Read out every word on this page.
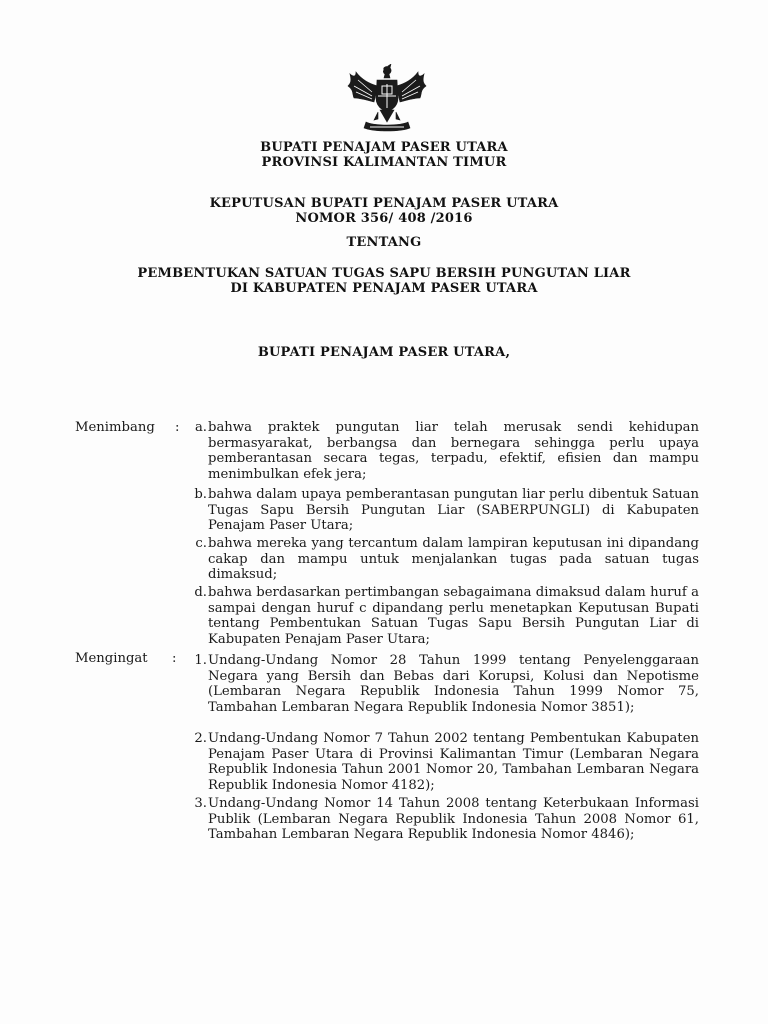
BUPATI PENAJAM PASER UTARA
PROVINSI KALIMANTAN TIMUR
KEPUTUSAN BUPATI PENAJAM PASER UTARA
NOMOR 356/ 408 /2016
TENTANG
PEMBENTUKAN SATUAN TUGAS SAPU BERSIH PUNGUTAN LIAR
DI KABUPATEN PENAJAM PASER UTARA
BUPATI PENAJAM PASER UTARA,
Menimbang :	a. bahwa praktek pungutan liar telah merusak sendi kehidupan bermasyarakat, berbangsa dan bernegara sehingga perlu upaya pemberantasan secara tegas, terpadu, efektif, efisien dan mampu menimbulkan efek jera;
b. bahwa dalam upaya pemberantasan pungutan liar perlu dibentuk Satuan Tugas Sapu Bersih Pungutan Liar (SABERPUNGLI) di Kabupaten Penajam Paser Utara;
c. bahwa mereka yang tercantum dalam lampiran keputusan ini dipandang cakap dan mampu untuk menjalankan tugas pada satuan tugas dimaksud;
d. bahwa berdasarkan pertimbangan sebagaimana dimaksud dalam huruf a sampai dengan huruf c dipandang perlu menetapkan Keputusan Bupati tentang Pembentukan Satuan Tugas Sapu Bersih Pungutan Liar di Kabupaten Penajam Paser Utara;
Mengingat :	1. Undang-Undang Nomor 28 Tahun 1999 tentang Penyelenggaraan Negara yang Bersih dan Bebas dari Korupsi, Kolusi dan Nepotisme (Lembaran Negara Republik Indonesia Tahun 1999 Nomor 75, Tambahan Lembaran Negara Republik Indonesia Nomor 3851);
2. Undang-Undang Nomor 7 Tahun 2002 tentang Pembentukan Kabupaten Penajam Paser Utara di Provinsi Kalimantan Timur (Lembaran Negara Republik Indonesia Tahun 2001 Nomor 20, Tambahan Lembaran Negara Republik Indonesia Nomor 4182);
3. Undang-Undang Nomor 14 Tahun 2008 tentang Keterbukaan Informasi Publik (Lembaran Negara Republik Indonesia Tahun 2008 Nomor 61, Tambahan Lembaran Negara Republik Indonesia Nomor 4846);
